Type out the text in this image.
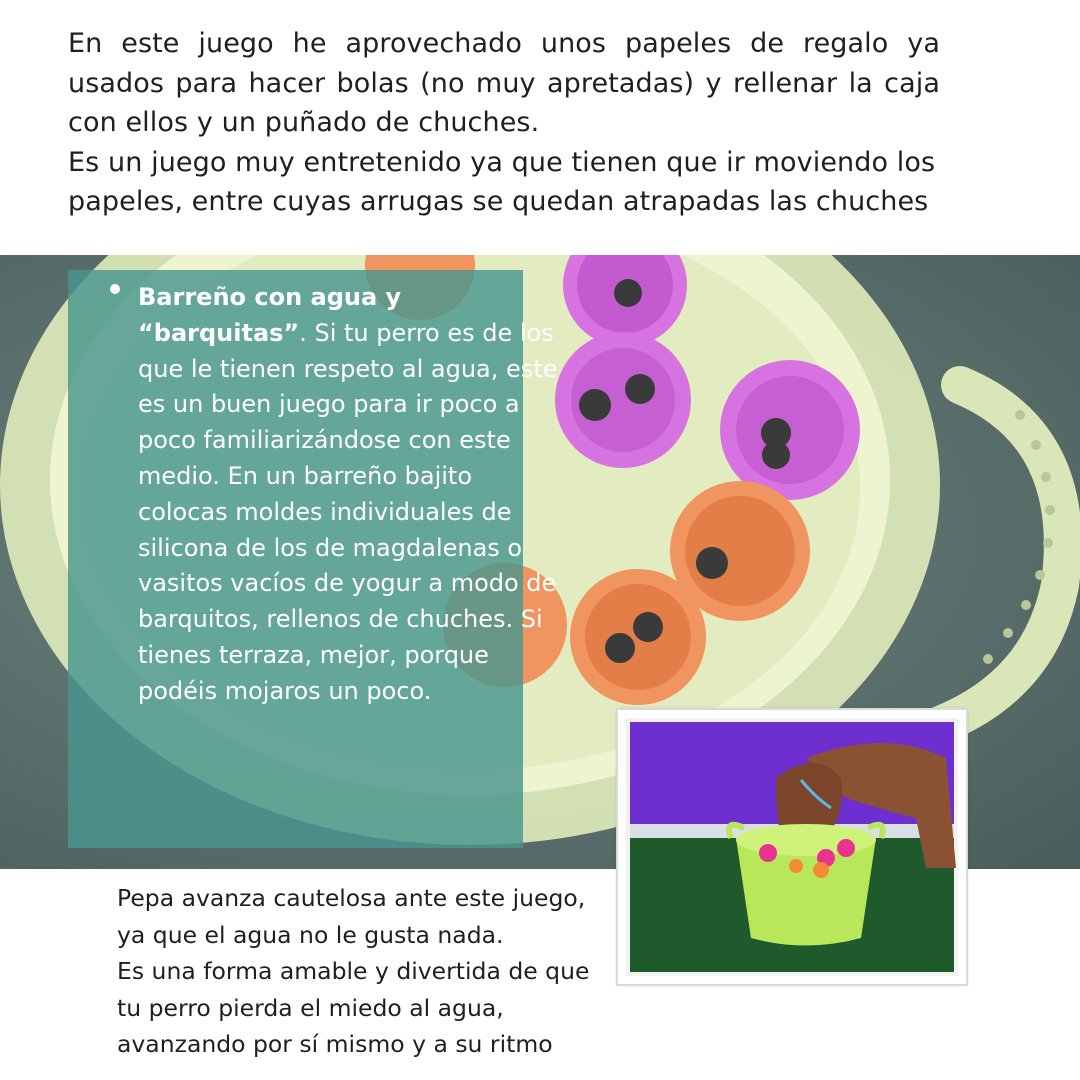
En este juego he aprovechado unos papeles de regalo ya

usados para hacer bolas (no muy apretadas) y rellenar la caja

con ellos y un puñado de chuches.

Es un juego muy entretenido ya que tienen que ir moviendo los

papeles, entre cuyas arrugas se quedan atrapadas las chuches

Barreño con agua y “barquitas”. Si tu perro es de los que le tienen respeto al agua, este es un buen juego para ir poco a poco familiarizándose con este medio. En un barreño bajito colocas moldes individuales de silicona de los de magdalenas o vasitos vacíos de yogur a modo de barquitos, rellenos de chuches. Si tienes terraza, mejor, porque podéis mojaros un poco.

Pepa avanza cautelosa ante este juego,

ya que el agua no le gusta nada.

Es una forma amable y divertida de que

tu perro pierda el miedo al agua,

avanzando por sí mismo y a su ritmo
